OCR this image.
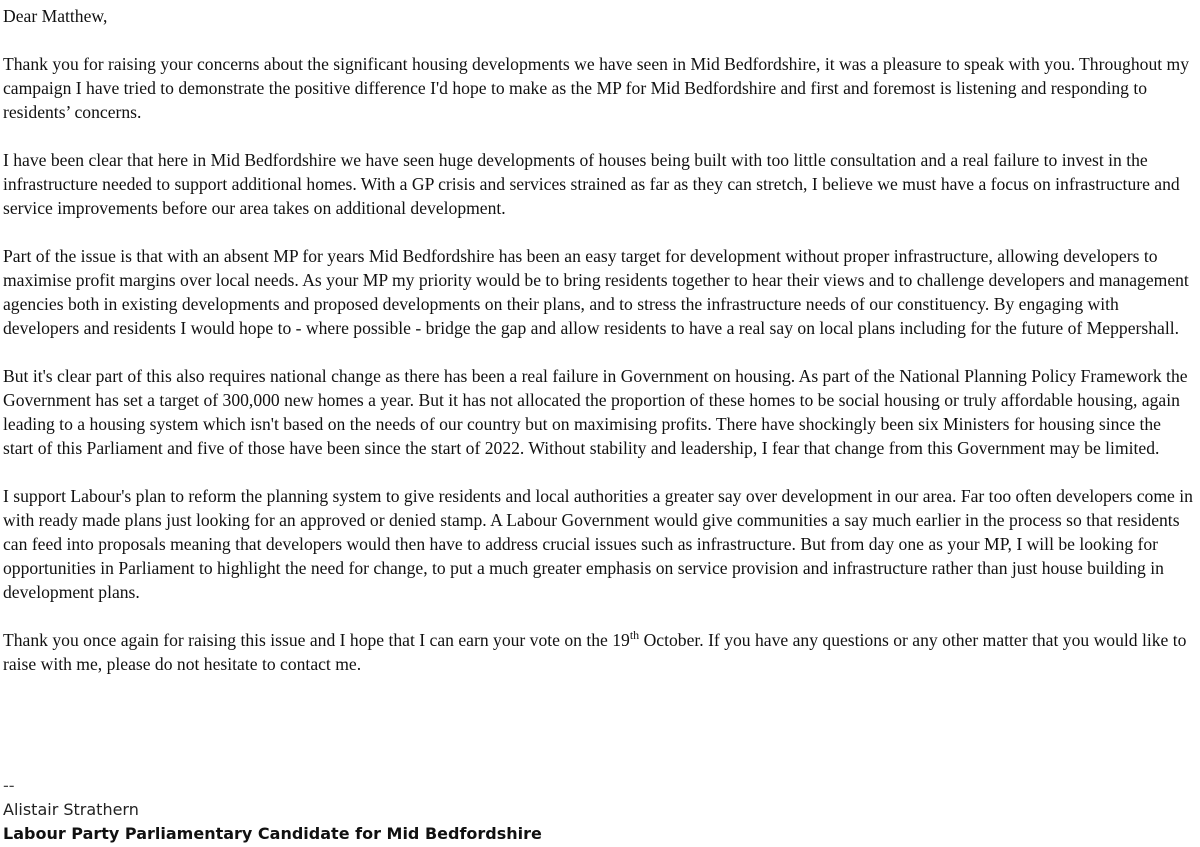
Dear Matthew,

Thank you for raising your concerns about the significant housing developments we have seen in Mid Bedfordshire, it was a pleasure to speak with you. Throughout my campaign I have tried to demonstrate the positive difference I'd hope to make as the MP for Mid Bedfordshire and first and foremost is listening and responding to residents’ concerns.

I have been clear that here in Mid Bedfordshire we have seen huge developments of houses being built with too little consultation and a real failure to invest in the infrastructure needed to support additional homes. With a GP crisis and services strained as far as they can stretch, I believe we must have a focus on infrastructure and service improvements before our area takes on additional development.

Part of the issue is that with an absent MP for years Mid Bedfordshire has been an easy target for development without proper infrastructure, allowing developers to maximise profit margins over local needs. As your MP my priority would be to bring residents together to hear their views and to challenge developers and management agencies both in existing developments and proposed developments on their plans, and to stress the infrastructure needs of our constituency. By engaging with developers and residents I would hope to - where possible - bridge the gap and allow residents to have a real say on local plans including for the future of Meppershall.

But it's clear part of this also requires national change as there has been a real failure in Government on housing. As part of the National Planning Policy Framework the Government has set a target of 300,000 new homes a year. But it has not allocated the proportion of these homes to be social housing or truly affordable housing, again leading to a housing system which isn't based on the needs of our country but on maximising profits. There have shockingly been six Ministers for housing since the start of this Parliament and five of those have been since the start of 2022. Without stability and leadership, I fear that change from this Government may be limited.

I support Labour's plan to reform the planning system to give residents and local authorities a greater say over development in our area. Far too often developers come in with ready made plans just looking for an approved or denied stamp. A Labour Government would give communities a say much earlier in the process so that residents can feed into proposals meaning that developers would then have to address crucial issues such as infrastructure. But from day one as your MP, I will be looking for opportunities in Parliament to highlight the need for change, to put a much greater emphasis on service provision and infrastructure rather than just house building in development plans.

Thank you once again for raising this issue and I hope that I can earn your vote on the 19th October. If you have any questions or any other matter that you would like to raise with me, please do not hesitate to contact me.

--
Alistair Strathern
Labour Party Parliamentary Candidate for Mid Bedfordshire
